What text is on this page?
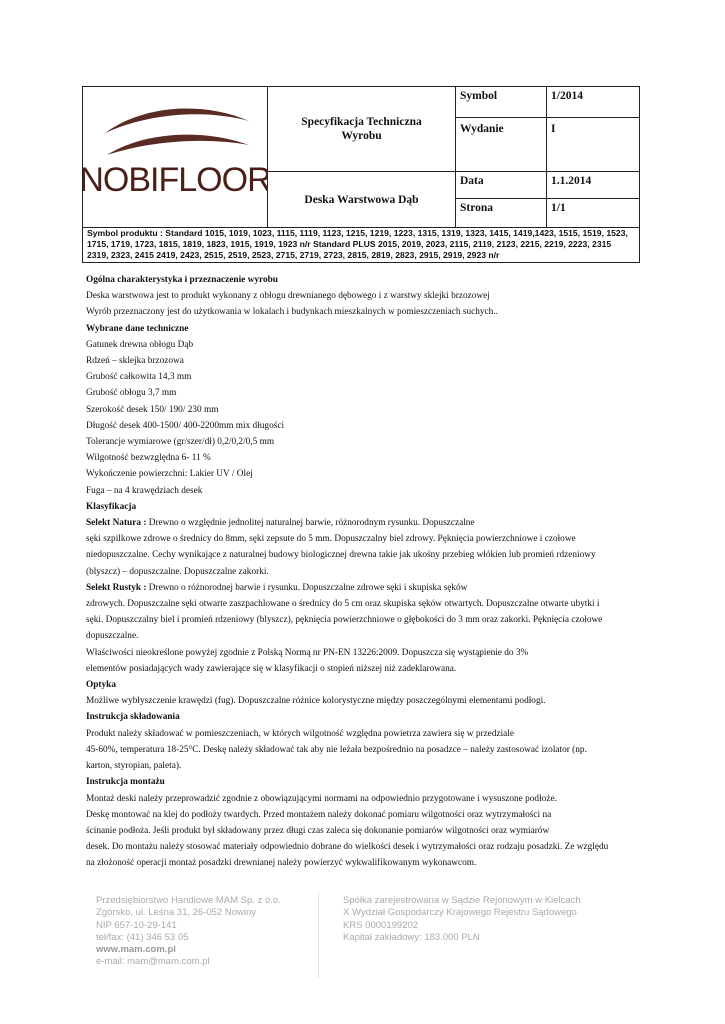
NOBIFLOOR
Specyfikacja Techniczna Wyrobu
Deska Warstwowa Dąb
Symbol	1/2014
Wydanie	I
Data	1.1.2014
Strona	1/1
Symbol produktu : Standard 1015, 1019, 1023, 1115, 1119, 1123, 1215, 1219, 1223, 1315, 1319, 1323, 1415, 1419,1423, 1515, 1519, 1523, 1715, 1719, 1723, 1815, 1819, 1823, 1915, 1919, 1923 n/r Standard PLUS 2015, 2019, 2023, 2115, 2119, 2123, 2215, 2219, 2223, 2315 2319, 2323, 2415 2419, 2423, 2515, 2519, 2523, 2715, 2719, 2723, 2815, 2819, 2823, 2915, 2919, 2923 n/r

Ogólna charakterystyka i przeznaczenie wyrobu

Deska warstwowa jest to produkt wykonany z obłogu drewnianego dębowego i z warstwy sklejki brzozowej

Wyrób przeznaczony jest do użytkowania w lokalach i budynkach mieszkalnych w pomieszczeniach suchych..

Wybrane dane techniczne

Gatunek drewna obłogu Dąb

Rdzeń – sklejka brzozowa

Grubość całkowita 14,3 mm

Grubość obłogu 3,7 mm

Szerokość desek 150/ 190/ 230 mm

Długość desek 400-1500/ 400-2200mm mix długości

Tolerancje wymiarowe (gr/szer/dł) 0,2/0,2/0,5 mm

Wilgotność bezwzględna 6- 11 %

Wykończenie powierzchni: Lakier UV / Olej

Fuga – na 4 krawędziach desek

Klasyfikacja

Selekt Natura : Drewno o względnie jednolitej naturalnej barwie, różnorodnym rysunku. Dopuszczalne

sęki szpilkowe zdrowe o średnicy do 8mm, sęki zepsute do 5 mm. Dopuszczalny biel zdrowy. Pęknięcia powierzchniowe i czołowe

niedopuszczalne. Cechy wynikające z naturalnej budowy biologicznej drewna takie jak ukośny przebieg włókien lub promień rdzeniowy

(blyszcz) – dopuszczalne. Dopuszczalne zakorki.

Selekt Rustyk : Drewno o różnorodnej barwie i rysunku. Dopuszczalne zdrowe sęki i skupiska sęków

zdrowych. Dopuszczalne sęki otwarte zaszpachlowane o średnicy do 5 cm oraz skupiska sęków otwartych. Dopuszczalne otwarte ubytki i

sęki. Dopuszczalny biel i promień rdzeniowy (blyszcz), pęknięcia powierzchniowe o głębokości do 3 mm oraz zakorki. Pęknięcia czołowe

dopuszczalne.

Właściwości nieokreślone powyżej zgodnie z Polską Normą nr PN-EN 13226:2009. Dopuszcza się wystąpienie do 3%

elementów posiadających wady zawierające się w klasyfikacji o stopień niższej niż zadeklarowana.

Optyka

Możliwe wybłyszczenie krawędzi (fug). Dopuszczalne różnice kolorystyczne między poszczególnymi elementami podłogi.

Instrukcja składowania

Produkt należy składować w pomieszczeniach, w których wilgotność względna powietrza zawiera się w przedziale

45-60%, temperatura 18-25°C. Deskę należy składować tak aby nie leżała bezpośrednio na posadzce – należy zastosować izolator (np.

karton, styropian, paleta).

Instrukcja montażu

Montaż deski należy przeprowadzić zgodnie z obowiązującymi normami na odpowiednio przygotowane i wysuszone podłoże.

Deskę montować na klej do podłoży twardych. Przed montażem należy dokonać pomiaru wilgotności oraz wytrzymałości na

ścinanie podłoża. Jeśli produkt był składowany przez długi czas zaleca się dokonanie pomiarów wilgotności oraz wymiarów

desek. Do montażu należy stosować materiały odpowiednio dobrane do wielkości desek i wytrzymałości oraz rodzaju posadzki. Ze względu

na złożoność operacji montaż posadzki drewnianej należy powierzyć wykwalifikowanym wykonawcom.

Przedsiębiorstwo Handlowe MAM Sp. z o.o.
Zgórsko, ul. Leśna 31, 26-052 Nowiny
NIP 657-10-29-141
tel/fax: (41) 346 53 05
www.mam.com.pl
e-mail: mam@mam.com.pl
Spółka zarejestrowana w Sądzie Rejonowym w Kielcach
X Wydział Gospodarczy Krajowego Rejestru Sądowego
KRS 0000199202
Kapitał zakładowy: 183.000 PLN
